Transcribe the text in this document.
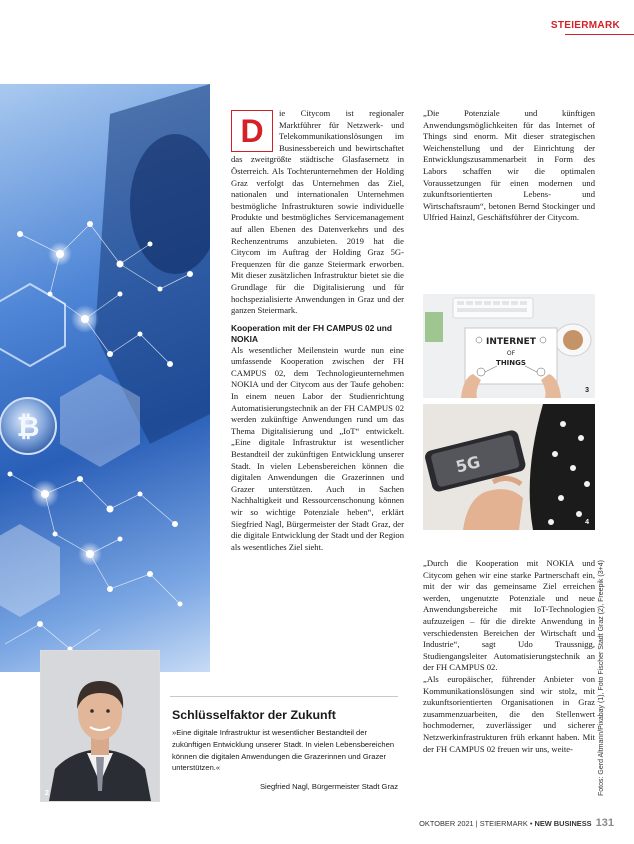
STEIERMARK
₿
2
D	ie Citycom ist regionaler Marktführer für Netzwerk- und Telekommunikationslösungen im Businessbereich und bewirtschaftet das zweitgrößte städtische Glasfasernetz in Österreich. Als Tochterunternehmen der Holding Graz verfolgt das Unternehmen das Ziel, nationalen und internationalen Unternehmen bestmögliche Infrastrukturen sowie individuelle Produkte und bestmögliches Servicemanagement auf allen Ebenen des Datenverkehrs und des Rechenzentrums anzubieten. 2019 hat die Citycom im Auftrag der Holding Graz 5G-Frequenzen für die ganze Steiermark erworben. Mit dieser zusätzlichen Infrastruktur bietet sie die Grundlage für die Digitalisierung und für hochspezialisierte Anwendungen in Graz und der ganzen Steiermark.

Kooperation mit der FH CAMPUS 02 und NOKIA

Als wesentlicher Meilenstein wurde nun eine umfassende Kooperation zwischen der FH CAMPUS 02, dem Technologieunternehmen NOKIA und der Citycom aus der Taufe gehoben: In einem neuen Labor der Studienrichtung Automatisierungstechnik an der FH CAMPUS 02 werden zukünftige Anwendungen rund um das Thema Digitalisierung und „IoT“ entwickelt. „Eine digitale Infrastruktur ist wesentlicher Bestandteil der zukünftigen Entwicklung unserer Stadt. In vielen Lebensbereichen können die digitalen Anwendungen die Grazerinnen und Grazer unterstützen. Auch in Sachen Nachhaltigkeit und Ressourcenschonung können wir so wichtige Potenziale heben“, erklärt Siegfried Nagl, Bürgermeister der Stadt Graz, der die digitale Entwicklung der Stadt und der Region als wesentliches Ziel sieht.

„Die Potenziale und künftigen Anwendungsmöglichkeiten für das Internet of Things sind enorm. Mit dieser strategischen Weichenstellung und der Einrichtung der Entwicklungszusammenarbeit in Form des Labors schaffen wir die optimalen Voraussetzungen für einen modernen und zukunftsorientierten Lebens- und Wirtschaftsraum“, betonen Bernd Stockinger und Ulfried Hainzl, Geschäftsführer der Citycom.

INTERNET
OF
THINGS
3
5G
4

„Durch die Kooperation mit NOKIA und Citycom gehen wir eine starke Partnerschaft ein, mit der wir das gemeinsame Ziel erreichen werden, ungenutzte Potenziale und neue Anwendungsbereiche mit IoT-Technologien aufzuzeigen – für die direkte Anwendung in verschiedensten Bereichen der Wirtschaft und Industrie“, sagt Udo Traussnigg, Studiengangsleiter Automatisierungstechnik an der FH CAMPUS 02.

„Als europäischer, führender Anbieter von Kommunikationslösungen sind wir stolz, mit zukunftsorientierten Organisationen in Graz zusammenzuarbeiten, die den Stellenwert hochmoderner, zuverlässiger und sicherer Netzwerkinfrastrukturen früh erkannt haben. Mit der FH CAMPUS 02 freuen wir uns, weite-

Schlüsselfaktor der Zukunft
»Eine digitale Infrastruktur ist wesentlicher Bestandteil der zukünftigen Entwicklung unserer Stadt. In vielen Lebensbereichen können die digitalen Anwendungen die Grazerinnen und Grazer unterstützen.«
Siegfried Nagl, Bürgermeister Stadt Graz	Fotos: Gerd Altmann/Pixabay (1), Foto Fischer Stadt Graz (2), Freepik (3+4)
OKTOBER 2021 | STEIERMARK • NEW BUSINESS 131
